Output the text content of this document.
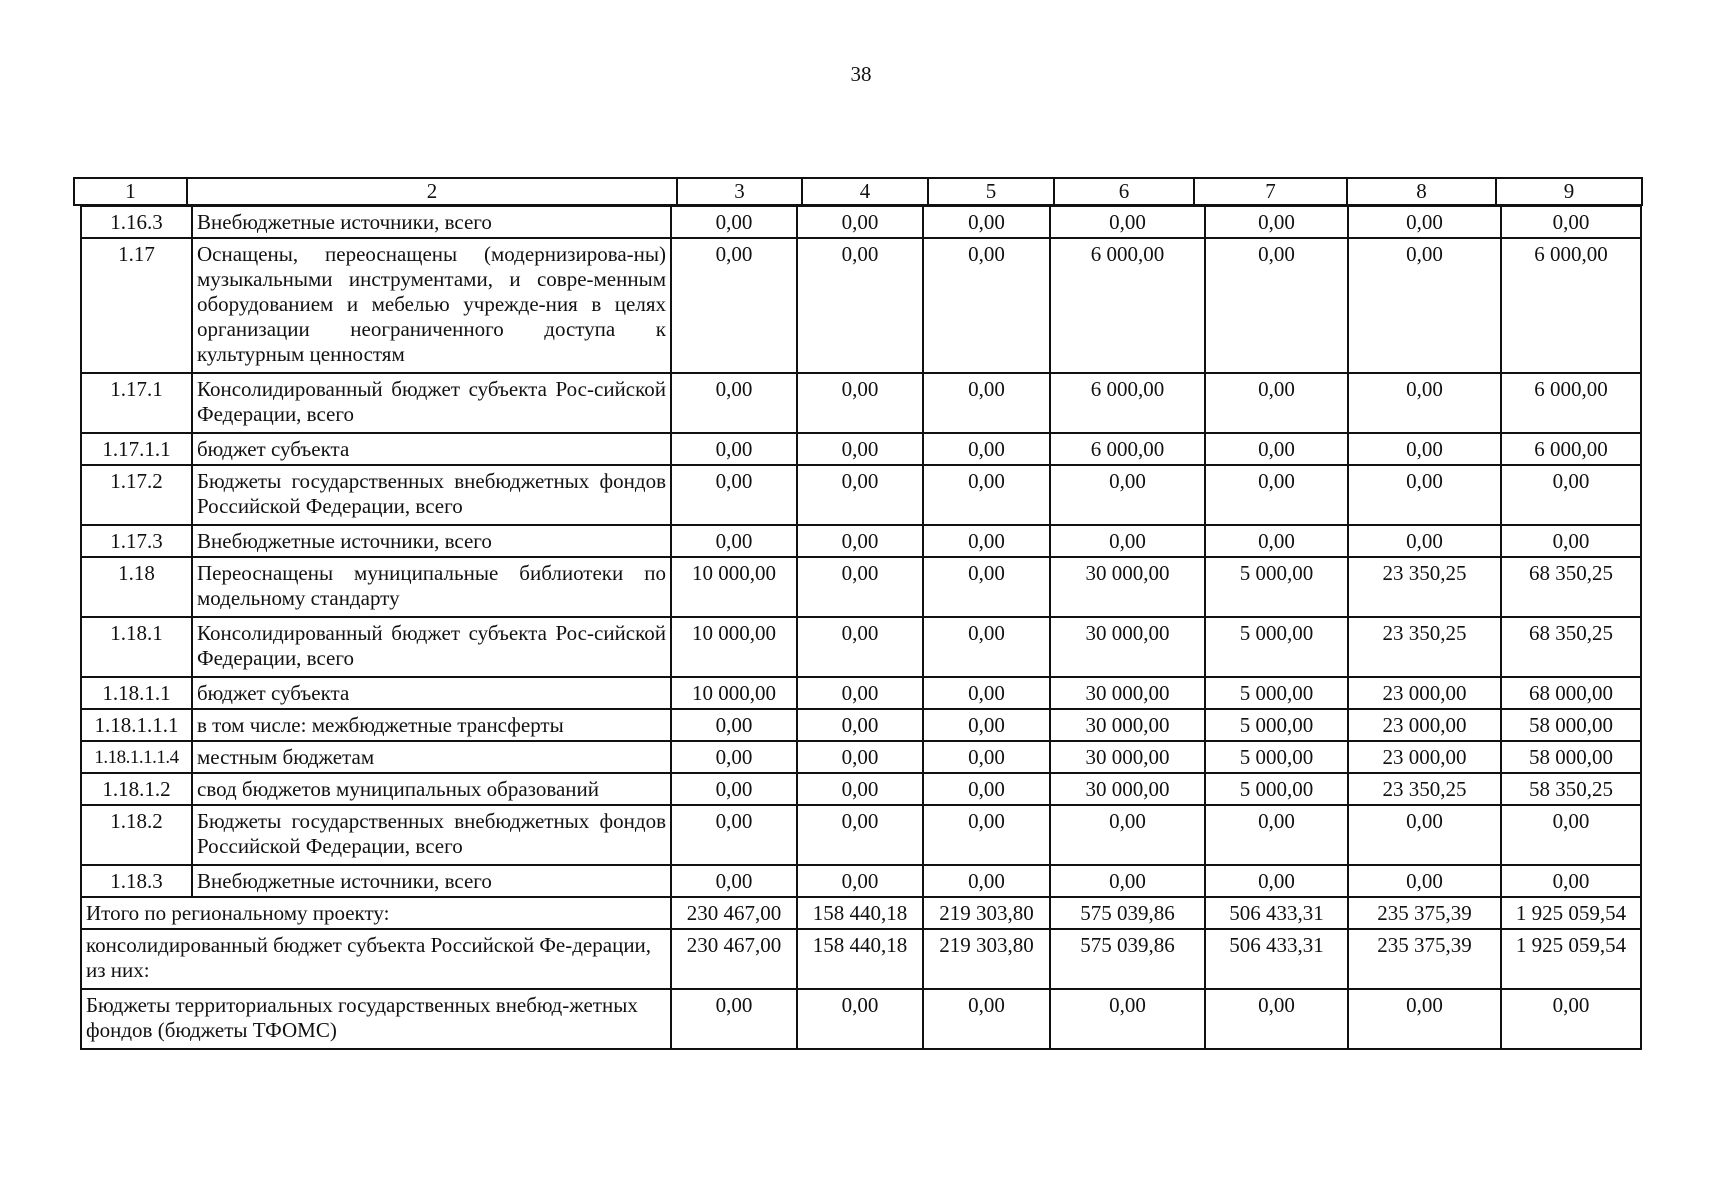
38
1	2	3	4	5	6	7	8	9
1.16.3	Внебюджетные источники, всего	0,00	0,00	0,00	0,00	0,00	0,00	0,00
1.17	Оснащены, переоснащены (модернизирова-ны) музыкальными инструментами, и совре-менным оборудованием и мебелью учрежде-ния в целях организации неограниченного доступа к культурным ценностям	0,00	0,00	0,00	6 000,00	0,00	0,00	6 000,00
1.17.1	Консолидированный бюджет субъекта Рос-сийской Федерации, всего	0,00	0,00	0,00	6 000,00	0,00	0,00	6 000,00
1.17.1.1	бюджет субъекта	0,00	0,00	0,00	6 000,00	0,00	0,00	6 000,00
1.17.2	Бюджеты государственных внебюджетных фондов Российской Федерации, всего	0,00	0,00	0,00	0,00	0,00	0,00	0,00
1.17.3	Внебюджетные источники, всего	0,00	0,00	0,00	0,00	0,00	0,00	0,00
1.18	Переоснащены муниципальные библиотеки по модельному стандарту	10 000,00	0,00	0,00	30 000,00	5 000,00	23 350,25	68 350,25
1.18.1	Консолидированный бюджет субъекта Рос-сийской Федерации, всего	10 000,00	0,00	0,00	30 000,00	5 000,00	23 350,25	68 350,25
1.18.1.1	бюджет субъекта	10 000,00	0,00	0,00	30 000,00	5 000,00	23 000,00	68 000,00
1.18.1.1.1	в том числе: межбюджетные трансферты	0,00	0,00	0,00	30 000,00	5 000,00	23 000,00	58 000,00
1.18.1.1.1.4	местным бюджетам	0,00	0,00	0,00	30 000,00	5 000,00	23 000,00	58 000,00
1.18.1.2	свод бюджетов муниципальных образований	0,00	0,00	0,00	30 000,00	5 000,00	23 350,25	58 350,25
1.18.2	Бюджеты государственных внебюджетных фондов Российской Федерации, всего	0,00	0,00	0,00	0,00	0,00	0,00	0,00
1.18.3	Внебюджетные источники, всего	0,00	0,00	0,00	0,00	0,00	0,00	0,00
Итого по региональному проекту:		230 467,00	158 440,18	219 303,80	575 039,86	506 433,31	235 375,39	1 925 059,54
консолидированный бюджет субъекта Российской Фе-дерации, из них:		230 467,00	158 440,18	219 303,80	575 039,86	506 433,31	235 375,39	1 925 059,54
Бюджеты территориальных государственных внебюд-жетных фондов (бюджеты ТФОМС)		0,00	0,00	0,00	0,00	0,00	0,00	0,00
